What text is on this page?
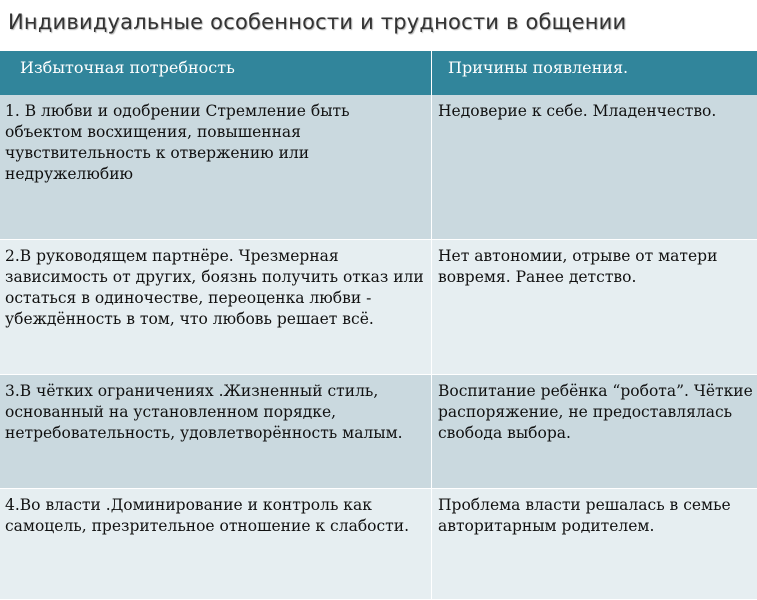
Индивидуальные особенности и трудности в общении
Избыточная потребность	Причины появления.
1. В любви и одобрении Стремление быть объектом восхищения, повышенная чувствительность к отвержению или недружелюбию	Недоверие к себе. Младенчество.
2.В руководящем партнёре. Чрезмерная зависимость от других, боязнь получить отказ или остаться в одиночестве, переоценка любви - убеждённость в том, что любовь решает всё.	Нет автономии, отрыве от матери вовремя. Ранее детство.
3.В чётких ограничениях .Жизненный стиль, основанный на установленном порядке, нетребовательность, удовлетворённость малым.	Воспитание ребёнка “робота”. Чёткие распоряжение, не предоставлялась свобода выбора.
4.Во власти .Доминирование и контроль как самоцель, презрительное отношение к слабости.	Проблема власти решалась в семье авторитарным родителем.
